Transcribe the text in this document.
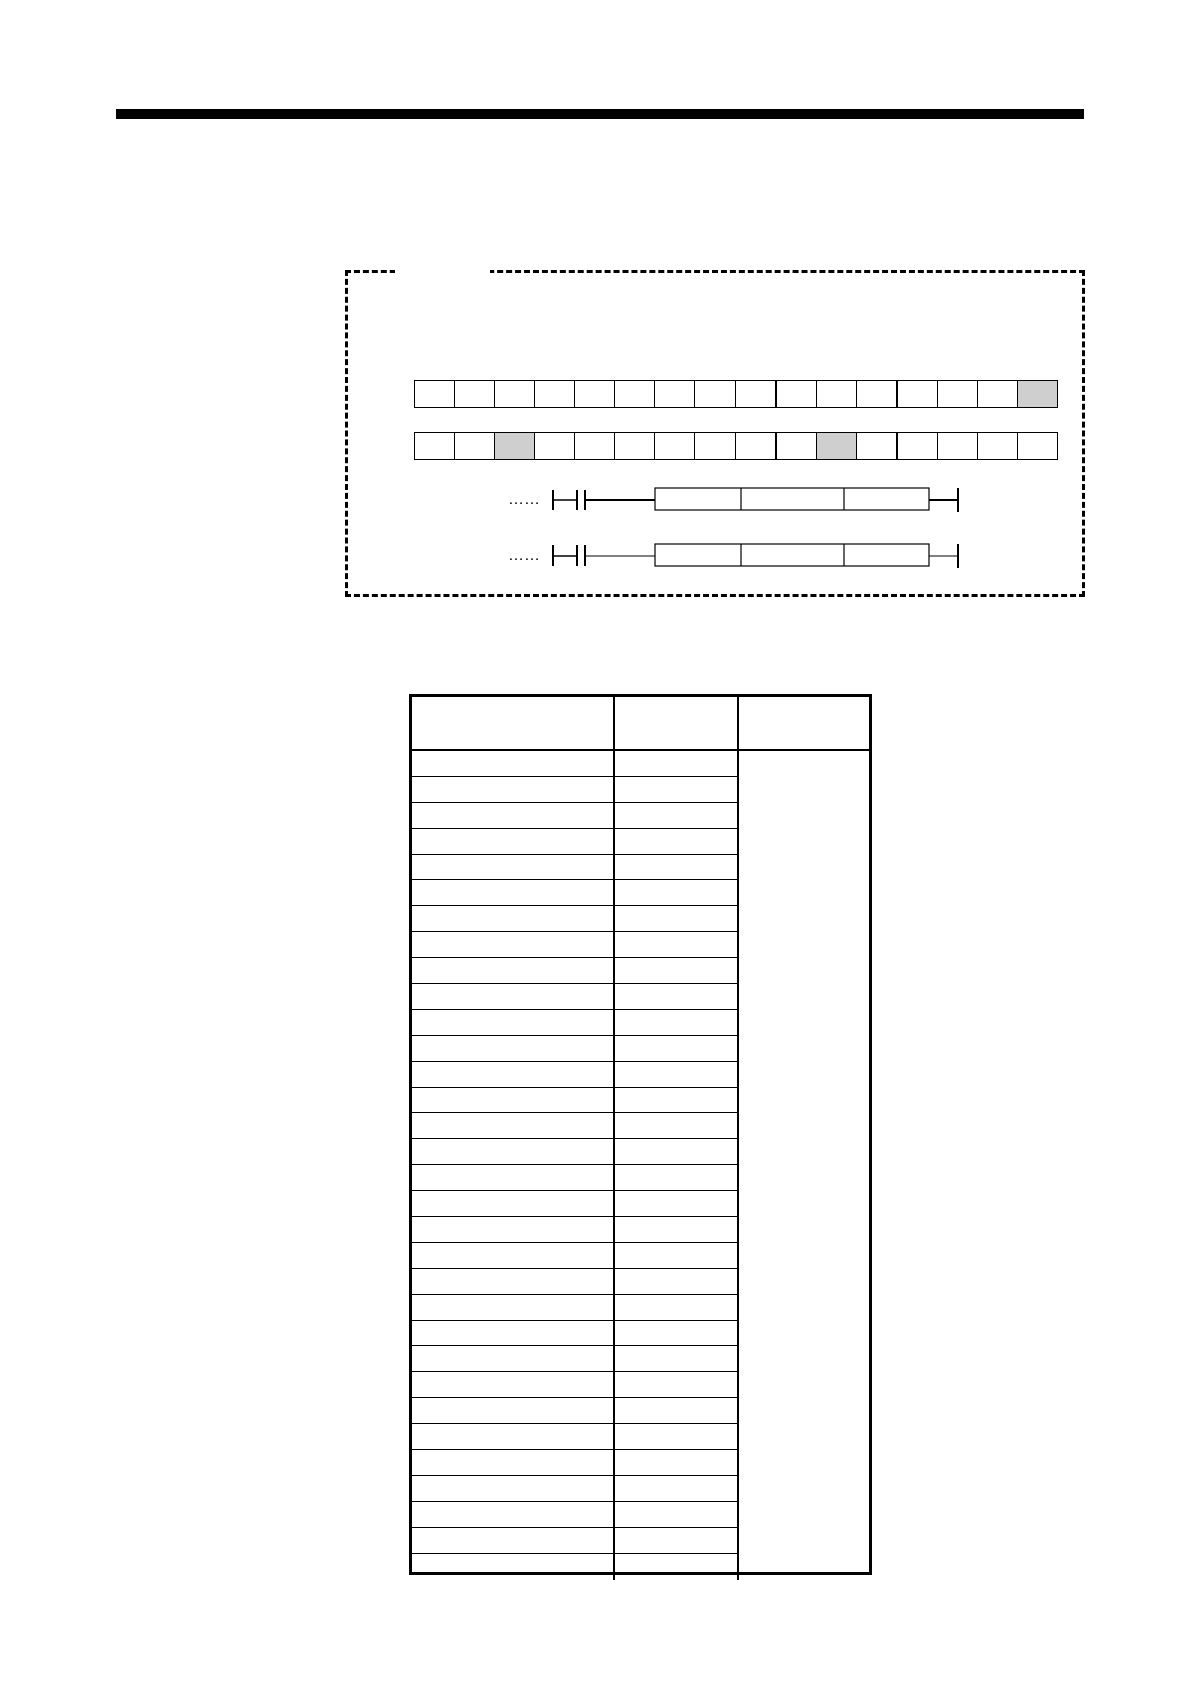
……
……
